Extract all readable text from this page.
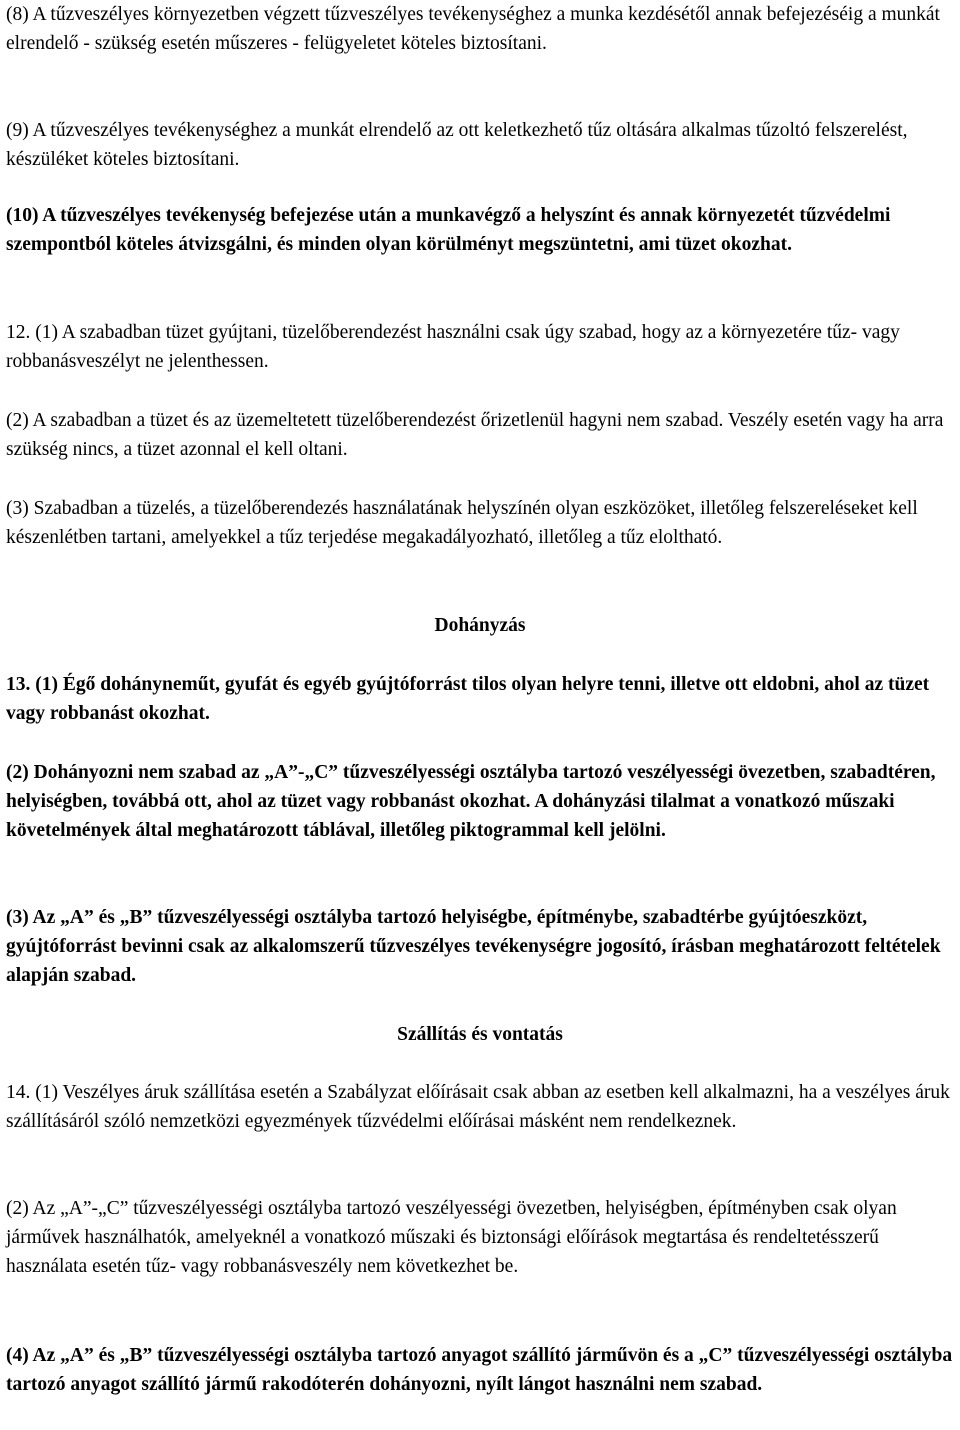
(8) A tűzveszélyes környezetben végzett tűzveszélyes tevékenységhez a munka kezdésétől annak befejezéséig a munkát elrendelő - szükség esetén műszeres - felügyeletet köteles biztosítani.

(9) A tűzveszélyes tevékenységhez a munkát elrendelő az ott keletkezhető tűz oltására alkalmas tűzoltó felszerelést, készüléket köteles biztosítani.

(10) A tűzveszélyes tevékenység befejezése után a munkavégző a helyszínt és annak környezetét tűzvédelmi szempontból köteles átvizsgálni, és minden olyan körülményt megszüntetni, ami tüzet okozhat.

12. (1) A szabadban tüzet gyújtani, tüzelőberendezést használni csak úgy szabad, hogy az a környezetére tűz- vagy robbanásveszélyt ne jelenthessen.

(2) A szabadban a tüzet és az üzemeltetett tüzelőberendezést őrizetlenül hagyni nem szabad. Veszély esetén vagy ha arra szükség nincs, a tüzet azonnal el kell oltani.

(3) Szabadban a tüzelés, a tüzelőberendezés használatának helyszínén olyan eszközöket, illetőleg felszereléseket kell készenlétben tartani, amelyekkel a tűz terjedése megakadályozható, illetőleg a tűz eloltható.

Dohányzás

13. (1) Égő dohányneműt, gyufát és egyéb gyújtóforrást tilos olyan helyre tenni, illetve ott eldobni, ahol az tüzet vagy robbanást okozhat.

(2) Dohányozni nem szabad az „A”-„C” tűzveszélyességi osztályba tartozó veszélyességi övezetben, szabadtéren, helyiségben, továbbá ott, ahol az tüzet vagy robbanást okozhat. A dohányzási tilalmat a vonatkozó műszaki követelmények által meghatározott táblával, illetőleg piktogrammal kell jelölni.

(3) Az „A” és „B” tűzveszélyességi osztályba tartozó helyiségbe, építménybe, szabadtérbe gyújtóeszközt, gyújtóforrást bevinni csak az alkalomszerű tűzveszélyes tevékenységre jogosító, írásban meghatározott feltételek alapján szabad.

Szállítás és vontatás

14. (1) Veszélyes áruk szállítása esetén a Szabályzat előírásait csak abban az esetben kell alkalmazni, ha a veszélyes áruk szállításáról szóló nemzetközi egyezmények tűzvédelmi előírásai másként nem rendelkeznek.

(2) Az „A”-„C” tűzveszélyességi osztályba tartozó veszélyességi övezetben, helyiségben, építményben csak olyan járművek használhatók, amelyeknél a vonatkozó műszaki és biztonsági előírások megtartása és rendeltetésszerű használata esetén tűz- vagy robbanásveszély nem következhet be.

(4) Az „A” és „B” tűzveszélyességi osztályba tartozó anyagot szállító járművön és a „C” tűzveszélyességi osztályba tartozó anyagot szállító jármű rakodóterén dohányozni, nyílt lángot használni nem szabad.
